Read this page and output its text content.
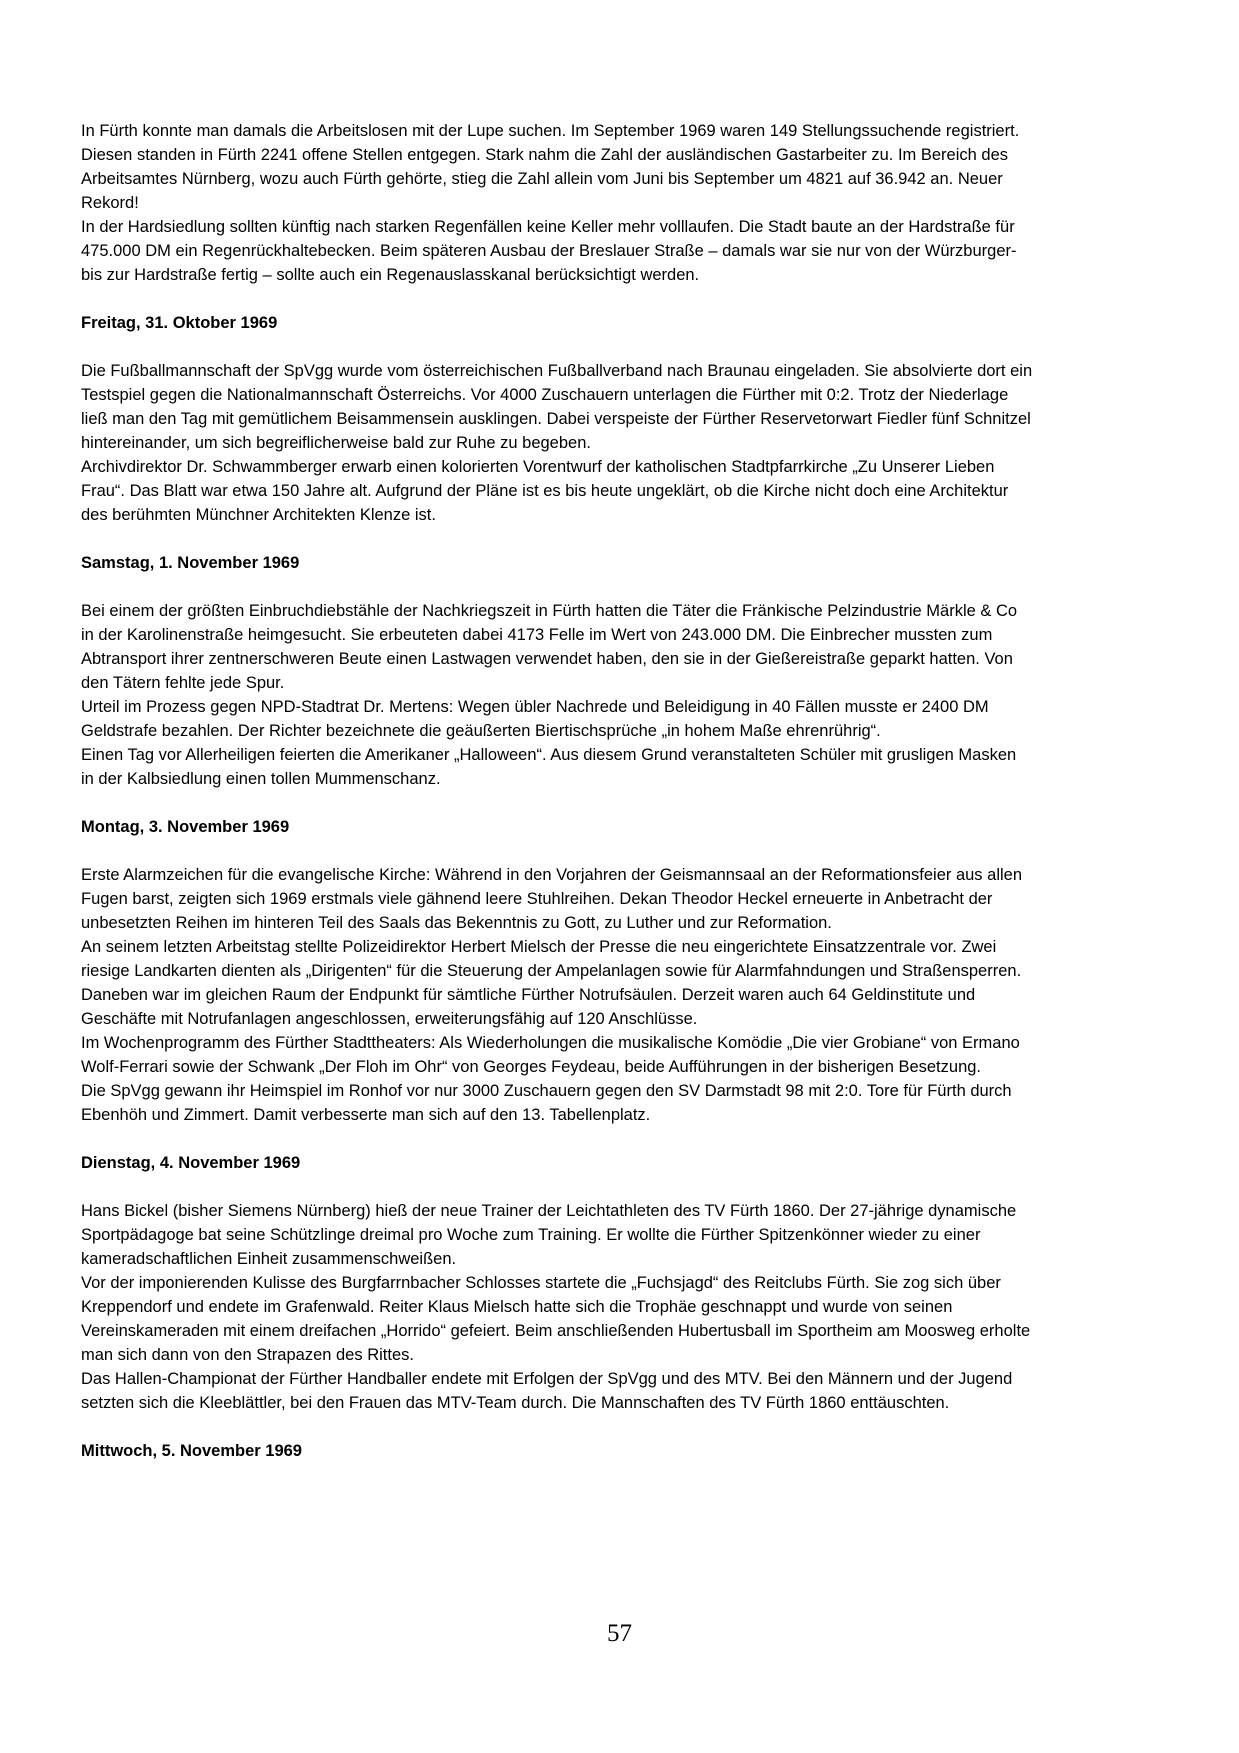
In Fürth konnte man damals die Arbeitslosen mit der Lupe suchen. Im September 1969 waren 149 Stellungssuchende registriert. Diesen standen in Fürth 2241 offene Stellen entgegen. Stark nahm die Zahl der ausländischen Gastarbeiter zu. Im Bereich des Arbeitsamtes Nürnberg, wozu auch Fürth gehörte, stieg die Zahl allein vom Juni bis September um 4821 auf 36.942 an. Neuer Rekord!
In der Hardsiedlung sollten künftig nach starken Regenfällen keine Keller mehr volllaufen. Die Stadt baute an der Hardstraße für 475.000 DM ein Regenrückhaltebecken. Beim späteren Ausbau der Breslauer Straße – damals war sie nur von der Würzburger- bis zur Hardstraße fertig – sollte auch ein Regenauslasskanal berücksichtigt werden.
Freitag, 31. Oktober 1969
Die Fußballmannschaft der SpVgg wurde vom österreichischen Fußballverband nach Braunau eingeladen. Sie absolvierte dort ein Testspiel gegen die Nationalmannschaft Österreichs. Vor 4000 Zuschauern unterlagen die Fürther mit 0:2. Trotz der Niederlage ließ man den Tag mit gemütlichem Beisammensein ausklingen. Dabei verspeiste der Fürther Reservetorwart Fiedler fünf Schnitzel hintereinander, um sich begreiflicherweise bald zur Ruhe zu begeben.
Archivdirektor Dr. Schwammberger erwarb einen kolorierten Vorentwurf der katholischen Stadtpfarrkirche „Zu Unserer Lieben Frau“. Das Blatt war etwa 150 Jahre alt. Aufgrund der Pläne ist es bis heute ungeklärt, ob die Kirche nicht doch eine Architektur des berühmten Münchner Architekten Klenze ist.
Samstag, 1. November 1969
Bei einem der größten Einbruchdiebstähle der Nachkriegszeit in Fürth hatten die Täter die Fränkische Pelzindustrie Märkle & Co in der Karolinenstraße heimgesucht. Sie erbeuteten dabei 4173 Felle im Wert von 243.000 DM. Die Einbrecher mussten zum Abtransport ihrer zentnerschweren Beute einen Lastwagen verwendet haben, den sie in der Gießereistraße geparkt hatten. Von den Tätern fehlte jede Spur.
Urteil im Prozess gegen NPD-Stadtrat Dr. Mertens: Wegen übler Nachrede und Beleidigung in 40 Fällen musste er 2400 DM Geldstrafe bezahlen. Der Richter bezeichnete die geäußerten Biertischsprüche „in hohem Maße ehrenrührig“.
Einen Tag vor Allerheiligen feierten die Amerikaner „Halloween“. Aus diesem Grund veranstalteten Schüler mit grusligen Masken in der Kalbsiedlung einen tollen Mummenschanz.
Montag, 3. November 1969
Erste Alarmzeichen für die evangelische Kirche: Während in den Vorjahren der Geismannsaal an der Reformationsfeier aus allen Fugen barst, zeigten sich 1969 erstmals viele gähnend leere Stuhlreihen. Dekan Theodor Heckel erneuerte in Anbetracht der unbesetzten Reihen im hinteren Teil des Saals das Bekenntnis zu Gott, zu Luther und zur Reformation.
An seinem letzten Arbeitstag stellte Polizeidirektor Herbert Mielsch der Presse die neu eingerichtete Einsatzzentrale vor. Zwei riesige Landkarten dienten als „Dirigenten“ für die Steuerung der Ampelanlagen sowie für Alarmfahndungen und Straßensperren. Daneben war im gleichen Raum der Endpunkt für sämtliche Fürther Notrufsäulen. Derzeit waren auch 64 Geldinstitute und Geschäfte mit Notrufanlagen angeschlossen, erweiterungsfähig auf 120 Anschlüsse.
Im Wochenprogramm des Fürther Stadttheaters: Als Wiederholungen die musikalische Komödie „Die vier Grobiane“ von Ermano Wolf-Ferrari sowie der Schwank „Der Floh im Ohr“ von Georges Feydeau, beide Aufführungen in der bisherigen Besetzung.
Die SpVgg gewann ihr Heimspiel im Ronhof vor nur 3000 Zuschauern gegen den SV Darmstadt 98 mit 2:0. Tore für Fürth durch Ebenhöh und Zimmert. Damit verbesserte man sich auf den 13. Tabellenplatz.
Dienstag, 4. November 1969
Hans Bickel (bisher Siemens Nürnberg) hieß der neue Trainer der Leichtathleten des TV Fürth 1860. Der 27-jährige dynamische Sportpädagoge bat seine Schützlinge dreimal pro Woche zum Training. Er wollte die Fürther Spitzenkönner wieder zu einer kameradschaftlichen Einheit zusammenschweißen.
Vor der imponierenden Kulisse des Burgfarrnbacher Schlosses startete die „Fuchsjagd“ des Reitclubs Fürth. Sie zog sich über Kreppendorf und endete im Grafenwald. Reiter Klaus Mielsch hatte sich die Trophäe geschnappt und wurde von seinen Vereinskameraden mit einem dreifachen „Horrido“ gefeiert. Beim anschließenden Hubertusball im Sportheim am Moosweg erholte man sich dann von den Strapazen des Rittes.
Das Hallen-Championat der Fürther Handballer endete mit Erfolgen der SpVgg und des MTV. Bei den Männern und der Jugend setzten sich die Kleeblättler, bei den Frauen das MTV-Team durch. Die Mannschaften des TV Fürth 1860 enttäuschten.
Mittwoch, 5. November 1969
57
